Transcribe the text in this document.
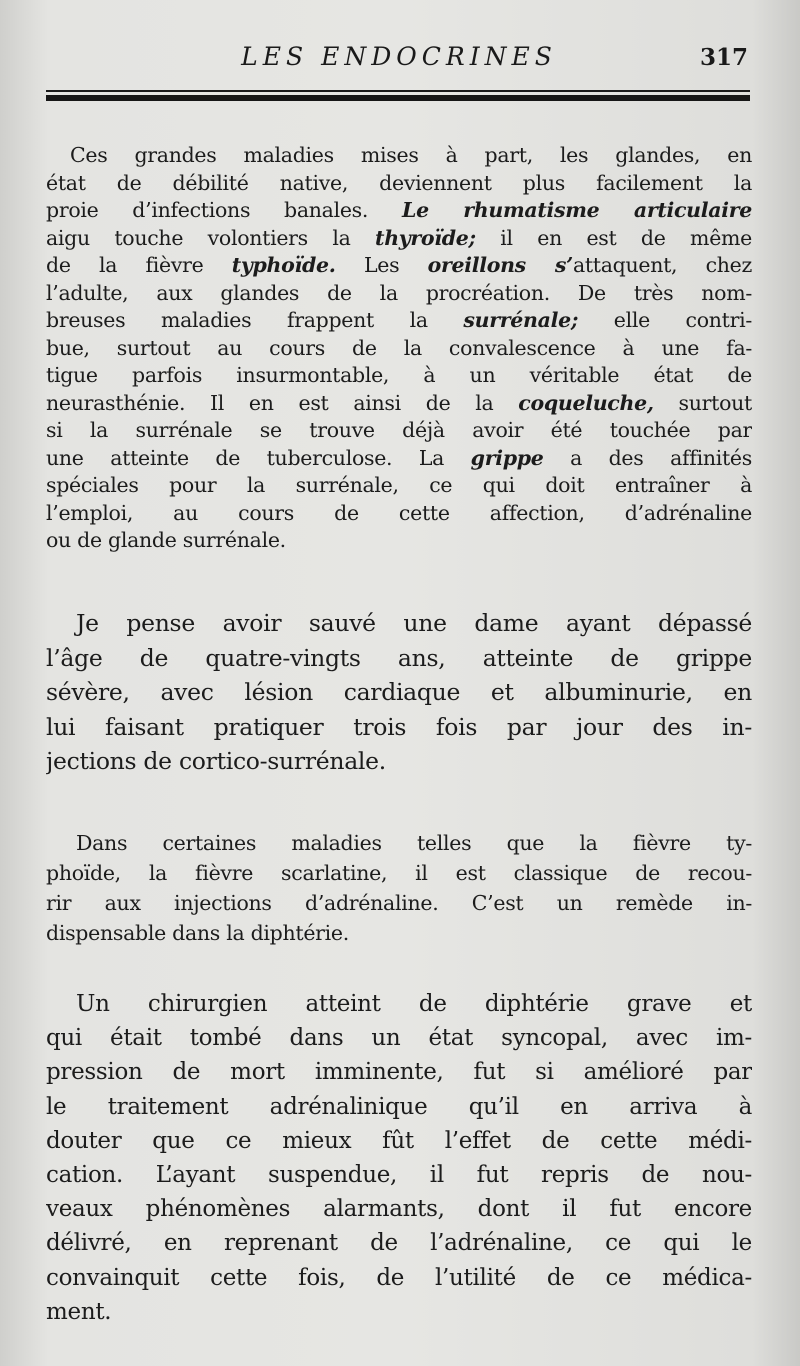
LES ENDOCRINES	317

Ces grandes maladies mises à part, les glandes, en
état de débilité native, deviennent plus facilement la
proie d’infections banales. Le rhumatisme articulaire
aigu touche volontiers la thyroïde; il en est de même
de la fièvre typhoïde. Les oreillons s’attaquent, chez
l’adulte, aux glandes de la procréation. De très nom-
breuses maladies frappent la surrénale; elle contri-
bue, surtout au cours de la convalescence à une fa-
tigue parfois insurmontable, à un véritable état de
neurasthénie. Il en est ainsi de la coqueluche, surtout
si la surrénale se trouve déjà avoir été touchée par
une atteinte de tuberculose. La grippe a des affinités
spéciales pour la surrénale, ce qui doit entraîner à
l’emploi, au cours de cette affection, d’adrénaline
ou de glande surrénale.

Je pense avoir sauvé une dame ayant dépassé
l’âge de quatre-vingts ans, atteinte de grippe
sévère, avec lésion cardiaque et albuminurie, en
lui faisant pratiquer trois fois par jour des in-
jections de cortico-surrénale.

Dans certaines maladies telles que la fièvre ty-
phoïde, la fièvre scarlatine, il est classique de recou-
rir aux injections d’adrénaline. C’est un remède in-
dispensable dans la diphtérie.

Un chirurgien atteint de diphtérie grave et
qui était tombé dans un état syncopal, avec im-
pression de mort imminente, fut si amélioré par
le traitement adrénalinique qu’il en arriva à
douter que ce mieux fût l’effet de cette médi-
cation. L’ayant suspendue, il fut repris de nou-
veaux phénomènes alarmants, dont il fut encore
délivré, en reprenant de l’adrénaline, ce qui le
convainquit cette fois, de l’utilité de ce médica-
ment.
